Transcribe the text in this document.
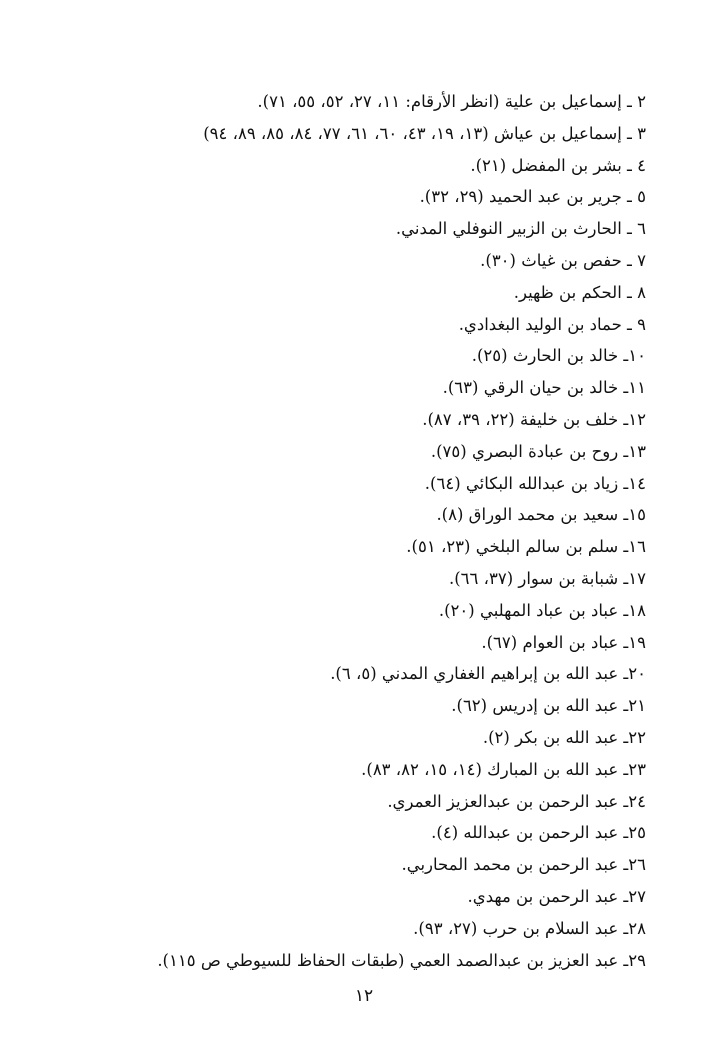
٢ ـ إسماعيل بن علية (انظر الأرقام: ١١، ٢٧، ٥٢، ٥٥، ٧١).
٣ ـ إسماعيل بن عياش (١٣، ١٩، ٤٣، ٦٠، ٦١، ٧٧، ٨٤، ٨٥، ٨٩، ٩٤)
٤ ـ بشر بن المفضل (٢١).
٥ ـ جرير بن عبد الحميد (٢٩، ٣٢).
٦ ـ الحارث بن الزبير النوفلي المدني.
٧ ـ حفص بن غياث (٣٠).
٨ ـ الحكم بن ظهير.
٩ ـ حماد بن الوليد البغدادي.
١٠ـ خالد بن الحارث (٢٥).
١١ـ خالد بن حيان الرقي (٦٣).
١٢ـ خلف بن خليفة (٢٢، ٣٩، ٨٧).
١٣ـ روح بن عبادة البصري (٧٥).
١٤ـ زياد بن عبدالله البكائي (٦٤).
١٥ـ سعيد بن محمد الوراق (٨).
١٦ـ سلم بن سالم البلخي (٢٣، ٥١).
١٧ـ شبابة بن سوار (٣٧، ٦٦).
١٨ـ عباد بن عباد المهلبي (٢٠).
١٩ـ عباد بن العوام (٦٧).
٢٠ـ عبد الله بن إبراهيم الغفاري المدني (٥، ٦).
٢١ـ عبد الله بن إدريس (٦٢).
٢٢ـ عبد الله بن بكر (٢).
٢٣ـ عبد الله بن المبارك (١٤، ١٥، ٨٢، ٨٣).
٢٤ـ عبد الرحمن بن عبدالعزيز العمري.
٢٥ـ عبد الرحمن بن عبدالله (٤).
٢٦ـ عبد الرحمن بن محمد المحاربي.
٢٧ـ عبد الرحمن بن مهدي.
٢٨ـ عبد السلام بن حرب (٢٧، ٩٣).
٢٩ـ عبد العزيز بن عبدالصمد العمي (طبقات الحفاظ للسيوطي ص ١١٥).
١٢
